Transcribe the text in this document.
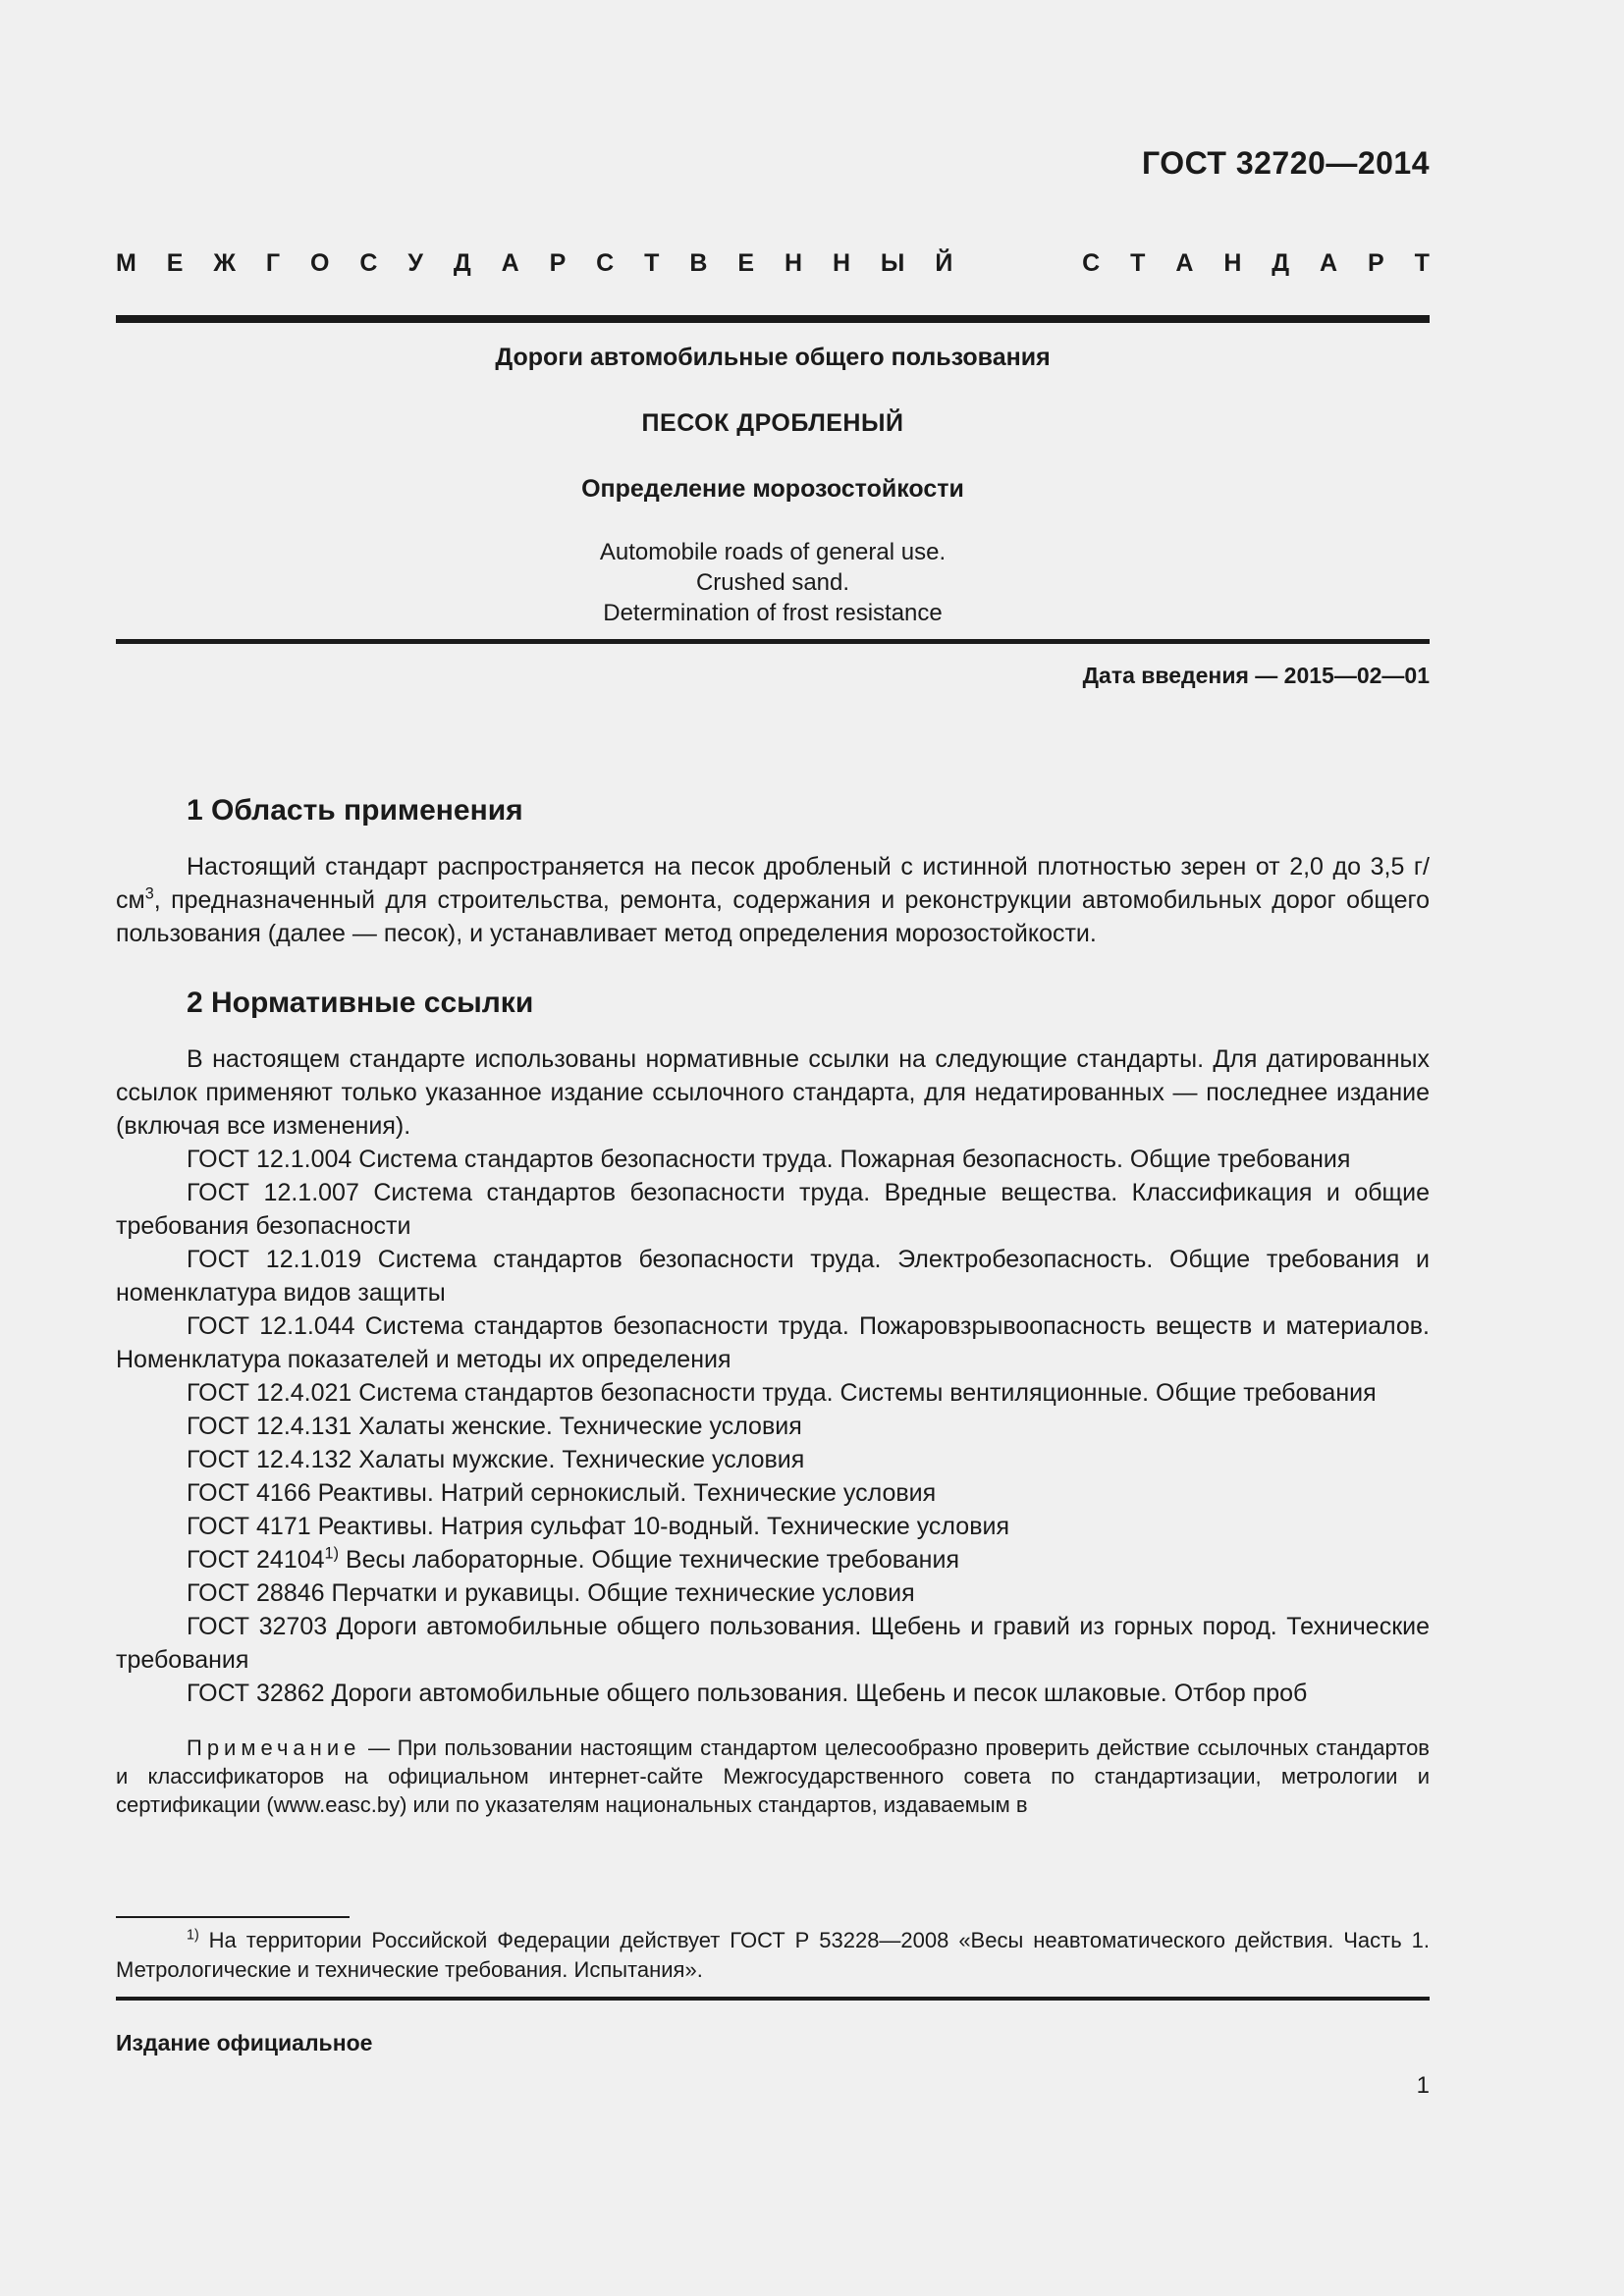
ГОСТ 32720—2014
М Е Ж Г О С У Д А Р С Т В Е Н Н Ы Й	С Т А Н Д А Р Т
Дороги автомобильные общего пользования
ПЕСОК ДРОБЛЕНЫЙ
Определение морозостойкости
Automobile roads of general use.
Crushed sand.
Determination of frost resistance
Дата введения — 2015—02—01
1 Область применения

Настоящий стандарт распространяется на песок дробленый с истинной плотностью зерен от 2,0 до 3,5 $г/см^3$, предназначенный для строительства, ремонта, содержания и реконструкции автомобильных дорог общего пользования (далее — песок), и устанавливает метод определения морозостойкости.

2 Нормативные ссылки

В настоящем стандарте использованы нормативные ссылки на следующие стандарты. Для датированных ссылок применяют только указанное издание ссылочного стандарта, для недатированных — последнее издание (включая все изменения).

ГОСТ 12.1.004 Система стандартов безопасности труда. Пожарная безопасность. Общие требования
ГОСТ 12.1.007 Система стандартов безопасности труда. Вредные вещества. Классификация и общие требования безопасности
ГОСТ 12.1.019 Система стандартов безопасности труда. Электробезопасность. Общие требования и номенклатура видов защиты
ГОСТ 12.1.044 Система стандартов безопасности труда. Пожаровзрывоопасность веществ и материалов. Номенклатура показателей и методы их определения
ГОСТ 12.4.021 Система стандартов безопасности труда. Системы вентиляционные. Общие требования
ГОСТ 12.4.131 Халаты женские. Технические условия
ГОСТ 12.4.132 Халаты мужские. Технические условия
ГОСТ 4166 Реактивы. Натрий сернокислый. Технические условия
ГОСТ 4171 Реактивы. Натрия сульфат 10-водный. Технические условия
ГОСТ 24104$^{1)}$ Весы лабораторные. Общие технические требования
ГОСТ 28846 Перчатки и рукавицы. Общие технические условия
ГОСТ 32703 Дороги автомобильные общего пользования. Щебень и гравий из горных пород. Технические требования
ГОСТ 32862 Дороги автомобильные общего пользования. Щебень и песок шлаковые. Отбор проб
Примечание — При пользовании настоящим стандартом целесообразно проверить действие ссылочных стандартов и классификаторов на официальном интернет-сайте Межгосударственного совета по стандартизации, метрологии и сертификации (www.easc.by) или по указателям национальных стандартов, издаваемым в
$^{1)}$ На территории Российской Федерации действует ГОСТ Р 53228—2008 «Весы неавтоматического действия. Часть 1. Метрологические и технические требования. Испытания».
Издание официальное
1
